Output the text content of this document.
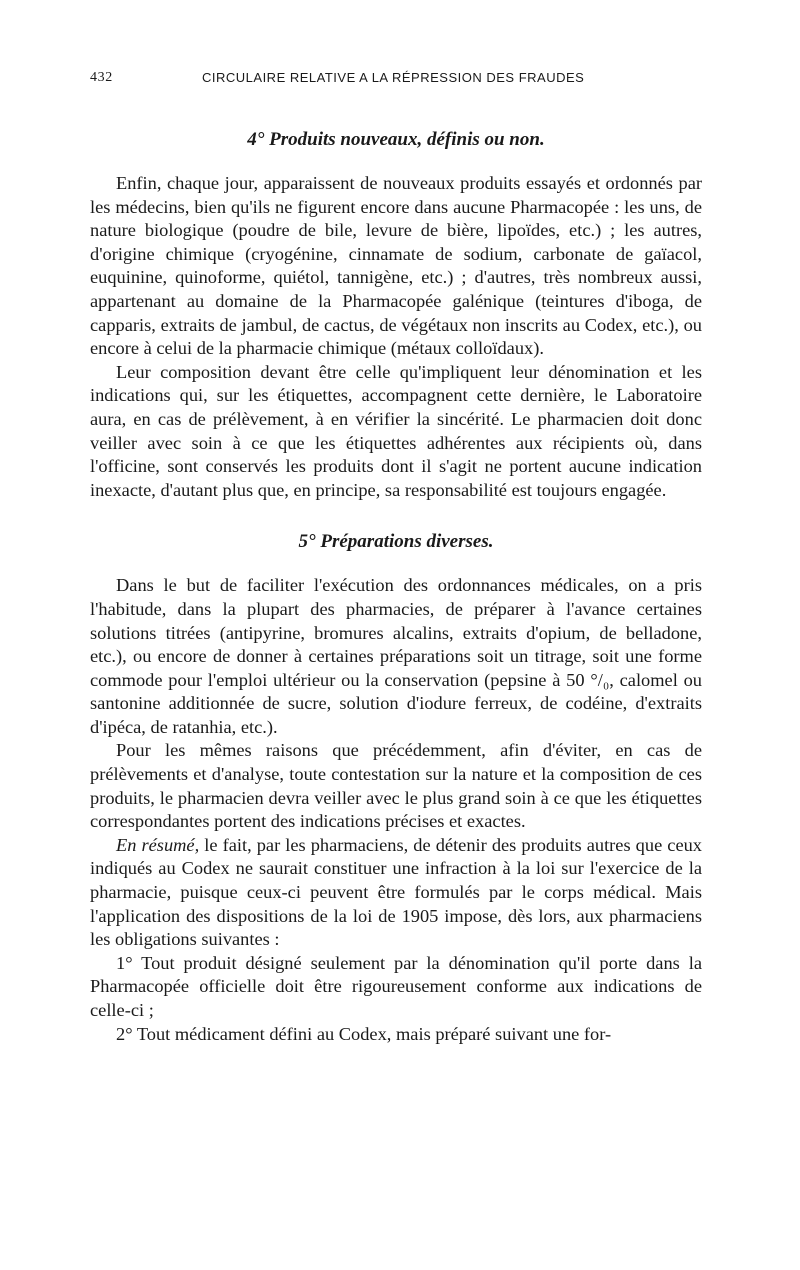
432	CIRCULAIRE RELATIVE A LA RÉPRESSION DES FRAUDES
4° Produits nouveaux, définis ou non.

Enfin, chaque jour, apparaissent de nouveaux produits essayés et ordonnés par les médecins, bien qu'ils ne figurent encore dans aucune Pharmacopée : les uns, de nature biologique (poudre de bile, levure de bière, lipoïdes, etc.) ; les autres, d'origine chimique (cryogénine, cinnamate de sodium, carbonate de gaïacol, euquinine, quinoforme, quiétol, tannigène, etc.) ; d'autres, très nombreux aussi, appartenant au domaine de la Pharmacopée galénique (teintures d'iboga, de capparis, extraits de jambul, de cactus, de végétaux non inscrits au Codex, etc.), ou encore à celui de la pharmacie chimique (métaux colloïdaux).

Leur composition devant être celle qu'impliquent leur dénomination et les indications qui, sur les étiquettes, accompagnent cette dernière, le Laboratoire aura, en cas de prélèvement, à en vérifier la sincérité. Le pharmacien doit donc veiller avec soin à ce que les étiquettes adhérentes aux récipients où, dans l'officine, sont conservés les produits dont il s'agit ne portent aucune indication inexacte, d'autant plus que, en principe, sa responsabilité est toujours engagée.

5° Préparations diverses.

Dans le but de faciliter l'exécution des ordonnances médicales, on a pris l'habitude, dans la plupart des pharmacies, de préparer à l'avance certaines solutions titrées (antipyrine, bromures alcalins, extraits d'opium, de belladone, etc.), ou encore de donner à certaines préparations soit un titrage, soit une forme commode pour l'emploi ultérieur ou la conservation (pepsine à 50 °/₀, calomel ou santonine additionnée de sucre, solution d'iodure ferreux, de codéine, d'extraits d'ipéca, de ratanhia, etc.).

Pour les mêmes raisons que précédemment, afin d'éviter, en cas de prélèvements et d'analyse, toute contestation sur la nature et la composition de ces produits, le pharmacien devra veiller avec le plus grand soin à ce que les étiquettes correspondantes portent des indications précises et exactes.

En résumé, le fait, par les pharmaciens, de détenir des produits autres que ceux indiqués au Codex ne saurait constituer une infraction à la loi sur l'exercice de la pharmacie, puisque ceux-ci peuvent être formulés par le corps médical. Mais l'application des dispositions de la loi de 1905 impose, dès lors, aux pharmaciens les obligations suivantes :

1° Tout produit désigné seulement par la dénomination qu'il porte dans la Pharmacopée officielle doit être rigoureusement conforme aux indications de celle-ci ;

2° Tout médicament défini au Codex, mais préparé suivant une for-
